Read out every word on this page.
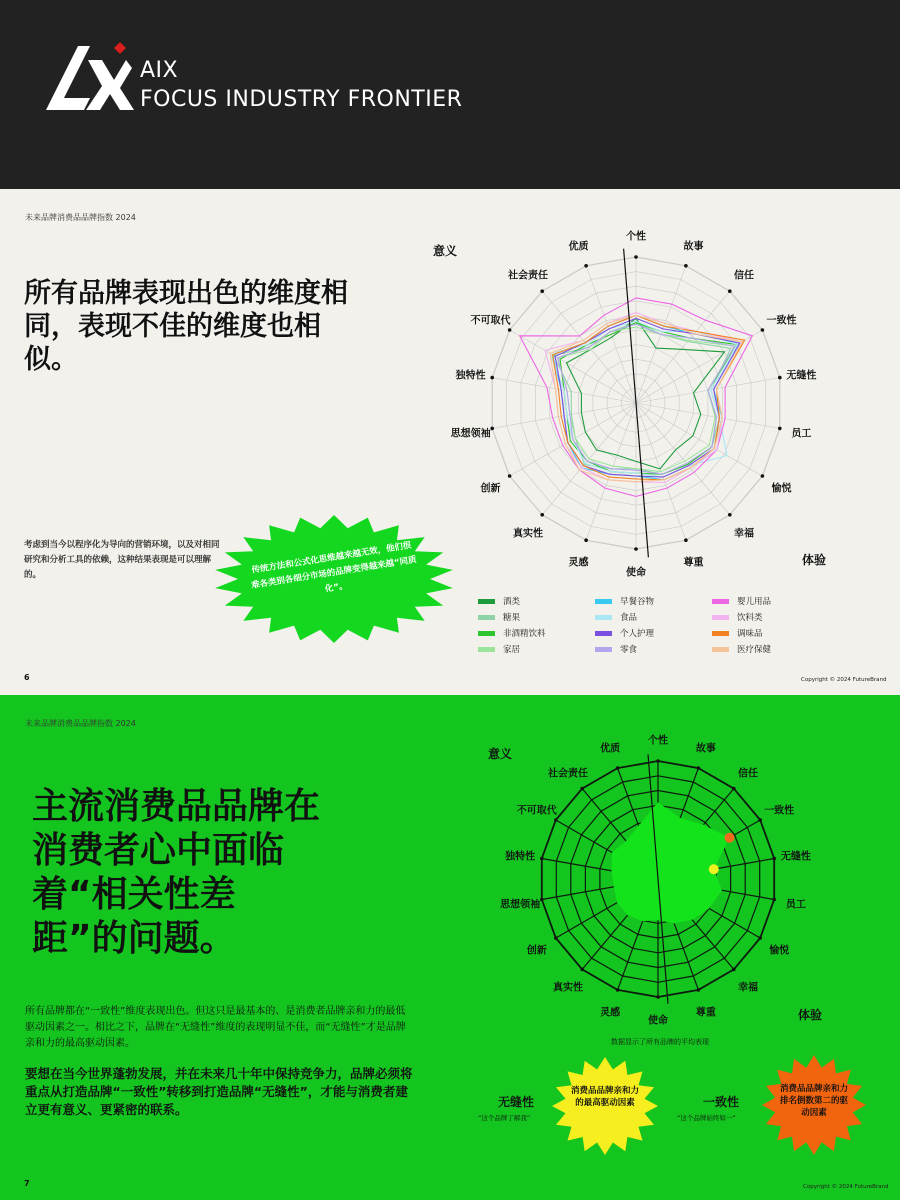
AIX
FOCUS INDUSTRY FRONTIER
未来品牌消费品品牌指数 2024
所有品牌表现出色的维度相同，表现不佳的维度也相似。
考虑到当今以程序化为导向的营销环境，以及对相同研究和分析工具的依赖，这种结果表现是可以理解的。	传统方法和公式化思维越来越无效，他们很难各类别各细分市场的品牌变得越来越“同质化”。
意义
体验
酒类
糖果
非酒精饮料
家居
早餐谷物
食品
个人护理
零食
婴儿用品
饮料类
调味品
医疗保健
6	Copyright © 2024 FutureBrand
未来品牌消费品品牌指数 2024
主流消费品品牌在消费者心中面临着“相关性差距”的问题。
所有品牌都在“一致性”维度表现出色。但这只是最基本的、是消费者品牌亲和力的最低驱动因素之一。相比之下，品牌在“无缝性”维度的表现明显不佳，而“无缝性”才是品牌亲和力的最高驱动因素。
要想在当今世界蓬勃发展，并在未来几十年中保持竞争力，品牌必须将重点从打造品牌“一致性”转移到打造品牌“无缝性”，才能与消费者建立更有意义、更紧密的联系。
意义
体验
数据显示了所有品牌的平均表现
无缝性
“这个品牌了解我”
消费品品牌亲和力的最高驱动因素	一致性
“这个品牌始终如一”
消费品品牌亲和力排名倒数第二的驱动因素
7	Copyright © 2024 FutureBrand
个性
故事
信任
一致性
无缝性
员工
愉悦
幸福
尊重
使命
灵感
真实性
创新
思想领袖
独特性
不可取代
社会责任
优质
个性
故事
信任
一致性
无缝性
员工
愉悦
幸福
尊重
使命
灵感
真实性
创新
思想领袖
独特性
不可取代
社会责任
优质
